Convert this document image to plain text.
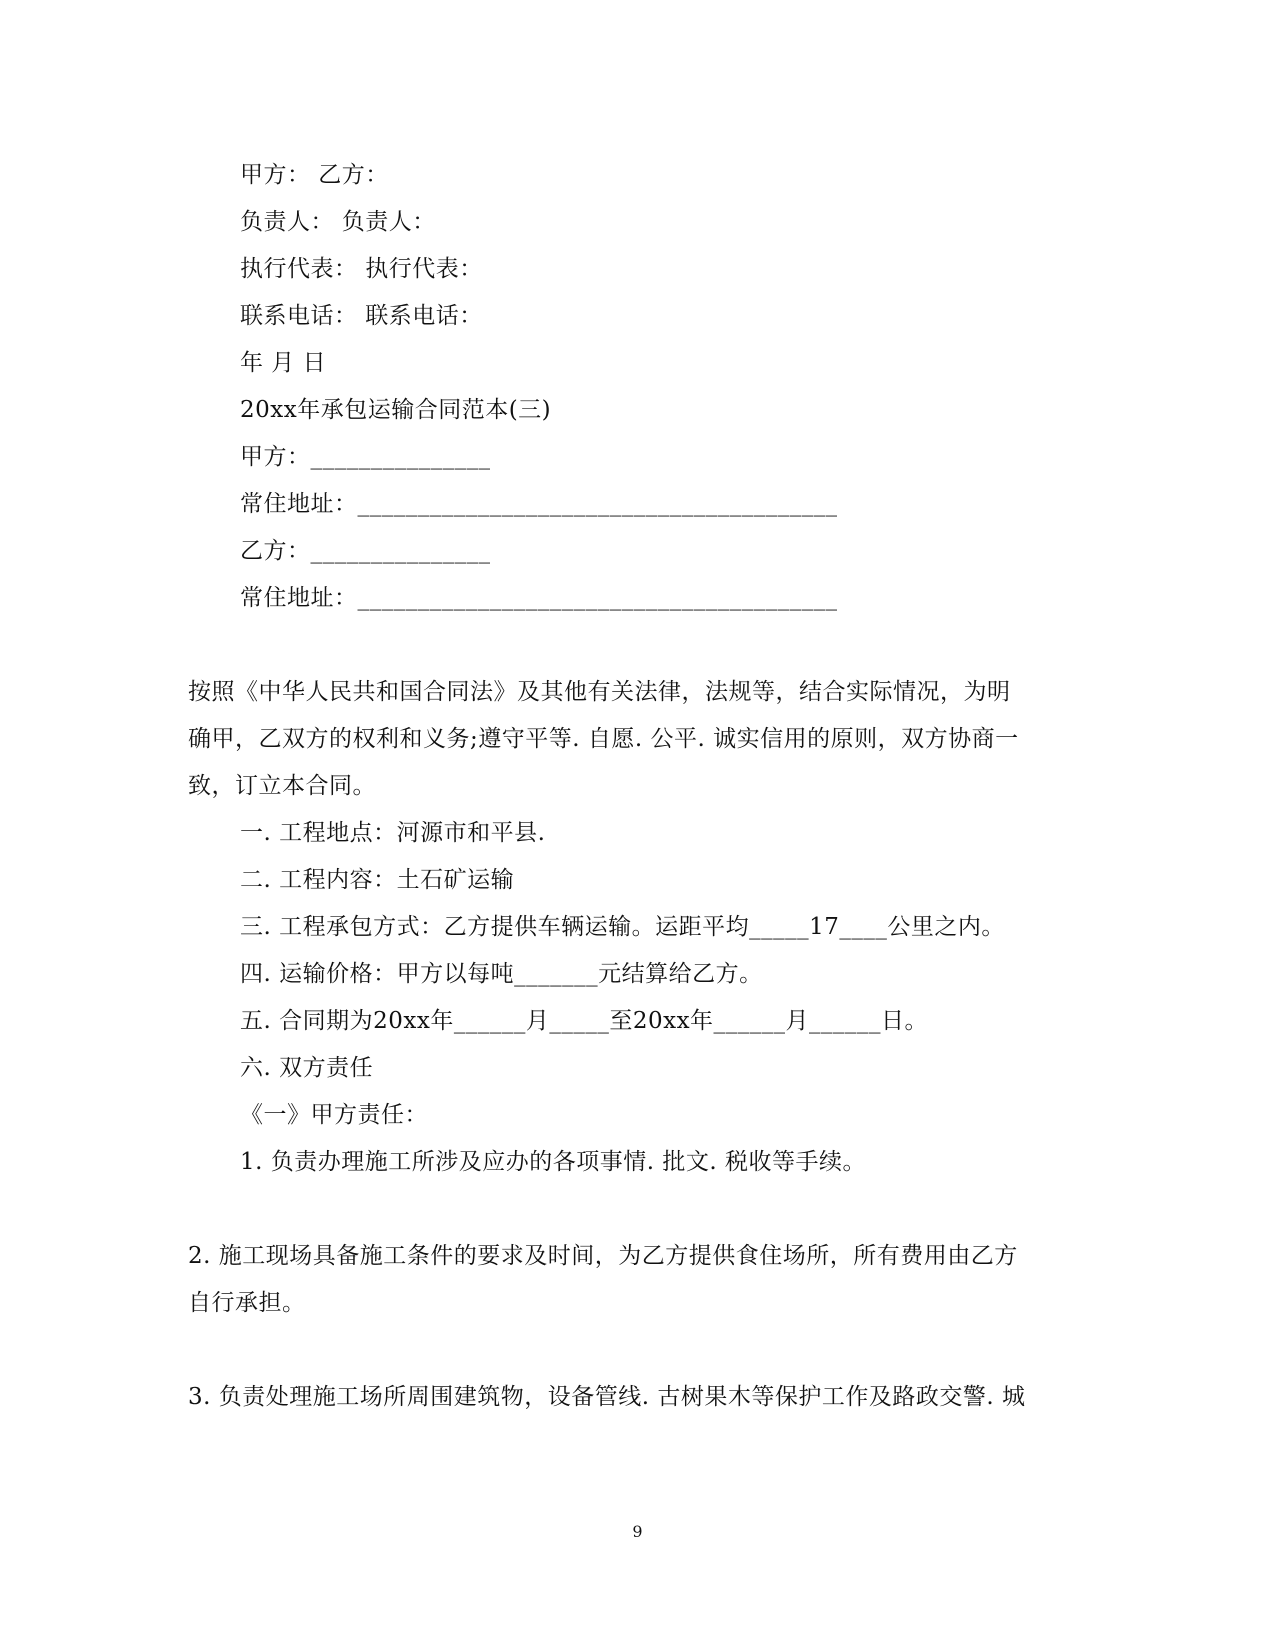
甲方： 乙方：
负责人： 负责人：
执行代表： 执行代表：
联系电话： 联系电话：
年 月 日
20xx年承包运输合同范本(三)
甲方：_______________
常住地址：________________________________________
乙方：_______________
常住地址：________________________________________
按照《中华人民共和国合同法》及其他有关法律，法规等，结合实际情况，为明
确甲，乙双方的权利和义务;遵守平等. 自愿. 公平. 诚实信用的原则，双方协商一
致，订立本合同。
一. 工程地点：河源市和平县.
二. 工程内容：土石矿运输
三. 工程承包方式：乙方提供车辆运输。运距平均_____17____公里之内。
四. 运输价格：甲方以每吨_______元结算给乙方。
五. 合同期为20xx年______月_____至20xx年______月______日。
六. 双方责任
《一》甲方责任：
1. 负责办理施工所涉及应办的各项事情. 批文. 税收等手续。
2. 施工现场具备施工条件的要求及时间，为乙方提供食住场所，所有费用由乙方
自行承担。
3. 负责处理施工场所周围建筑物，设备管线. 古树果木等保护工作及路政交警. 城
9
